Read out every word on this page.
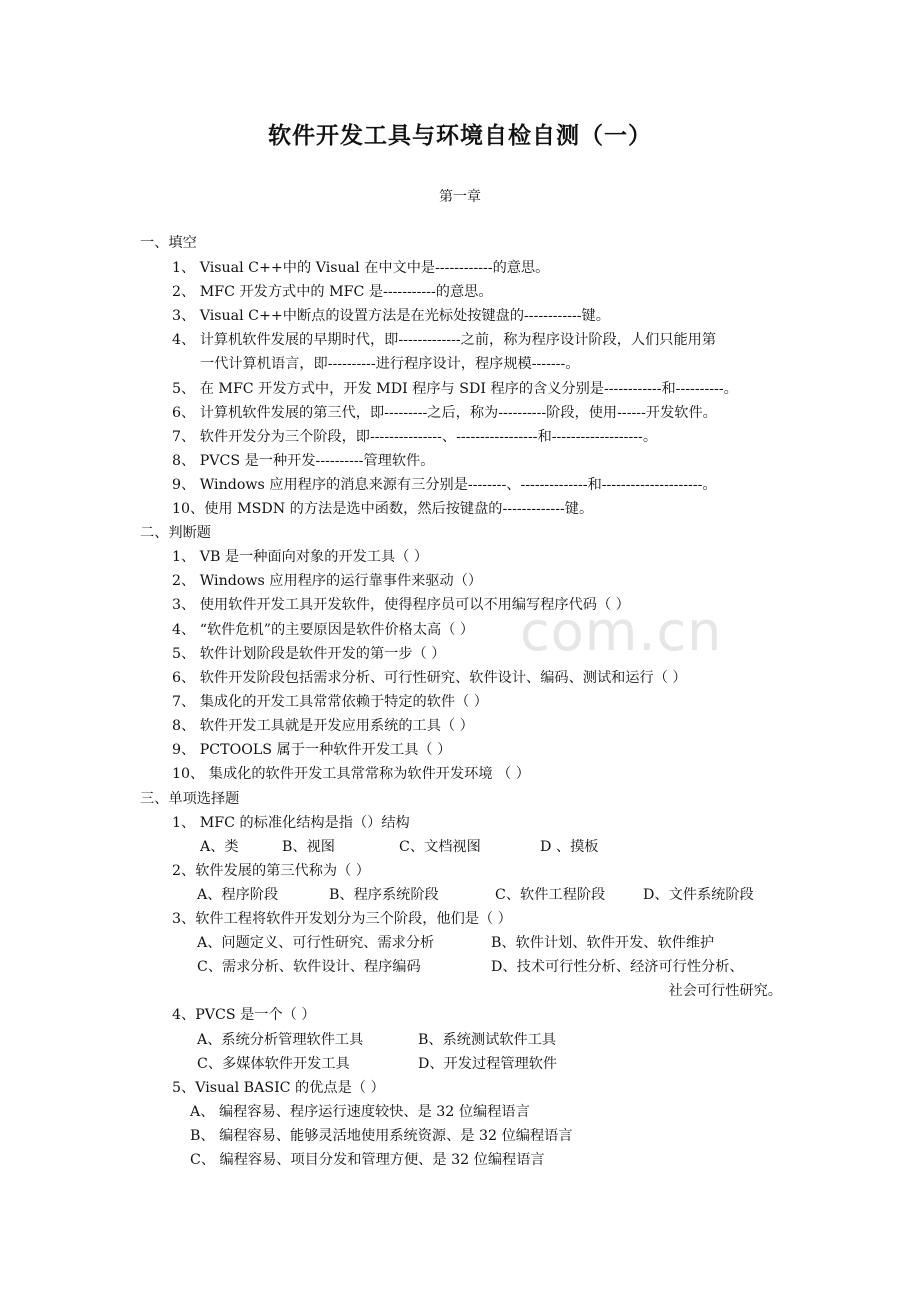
com.cn
软件开发工具与环境自检自测（一）
第一章
一、填空
1、 Visual C++中的 Visual 在中文中是------------的意思。
2、 MFC 开发方式中的 MFC 是-----------的意思。
3、 Visual C++中断点的设置方法是在光标处按键盘的------------键。
4、 计算机软件发展的早期时代，即-------------之前，称为程序设计阶段，人们只能用第
一代计算机语言，即----------进行程序设计，程序规模-------。
5、 在 MFC 开发方式中，开发 MDI 程序与 SDI 程序的含义分别是------------和----------。
6、 计算机软件发展的第三代，即---------之后，称为----------阶段，使用------开发软件。
7、 软件开发分为三个阶段，即---------------、-----------------和-------------------。
8、 PVCS 是一种开发----------管理软件。
9、 Windows 应用程序的消息来源有三分别是--------、--------------和---------------------。
10、使用 MSDN 的方法是选中函数，然后按键盘的-------------键。
二、判断题
1、 VB 是一种面向对象的开发工具（ ）
2、 Windows 应用程序的运行靠事件来驱动（）
3、 使用软件开发工具开发软件，使得程序员可以不用编写程序代码（ ）
4、 “软件危机”的主要原因是软件价格太高（ ）
5、 软件计划阶段是软件开发的第一步（ ）
6、 软件开发阶段包括需求分析、可行性研究、软件设计、编码、测试和运行（ ）
7、 集成化的开发工具常常依赖于特定的软件（ ）
8、 软件开发工具就是开发应用系统的工具（ ）
9、 PCTOOLS 属于一种软件开发工具（ ）
10、 集成化的软件开发工具常常称为软件开发环境 （ ）
三、单项选择题
1、 MFC 的标准化结构是指（）结构
A、类	B、视图	C、文档视图	D 、摸板
2、软件发展的第三代称为（ ）
A、程序阶段	B、程序系统阶段	C、软件工程阶段	D、文件系统阶段
3、软件工程将软件开发划分为三个阶段，他们是（ ）
A、问题定义、可行性研究、需求分析	B、软件计划、软件开发、软件维护
C、需求分析、软件设计、程序编码	D、技术可行性分析、经济可行性分析、
社会可行性研究。
4、PVCS 是一个（ ）
A、系统分析管理软件工具	B、系统测试软件工具
C、多媒体软件开发工具	D、开发过程管理软件
5、Visual BASIC 的优点是（ ）
A、 编程容易、程序运行速度较快、是 32 位编程语言
B、 编程容易、能够灵活地使用系统资源、是 32 位编程语言
C、 编程容易、项目分发和管理方便、是 32 位编程语言
